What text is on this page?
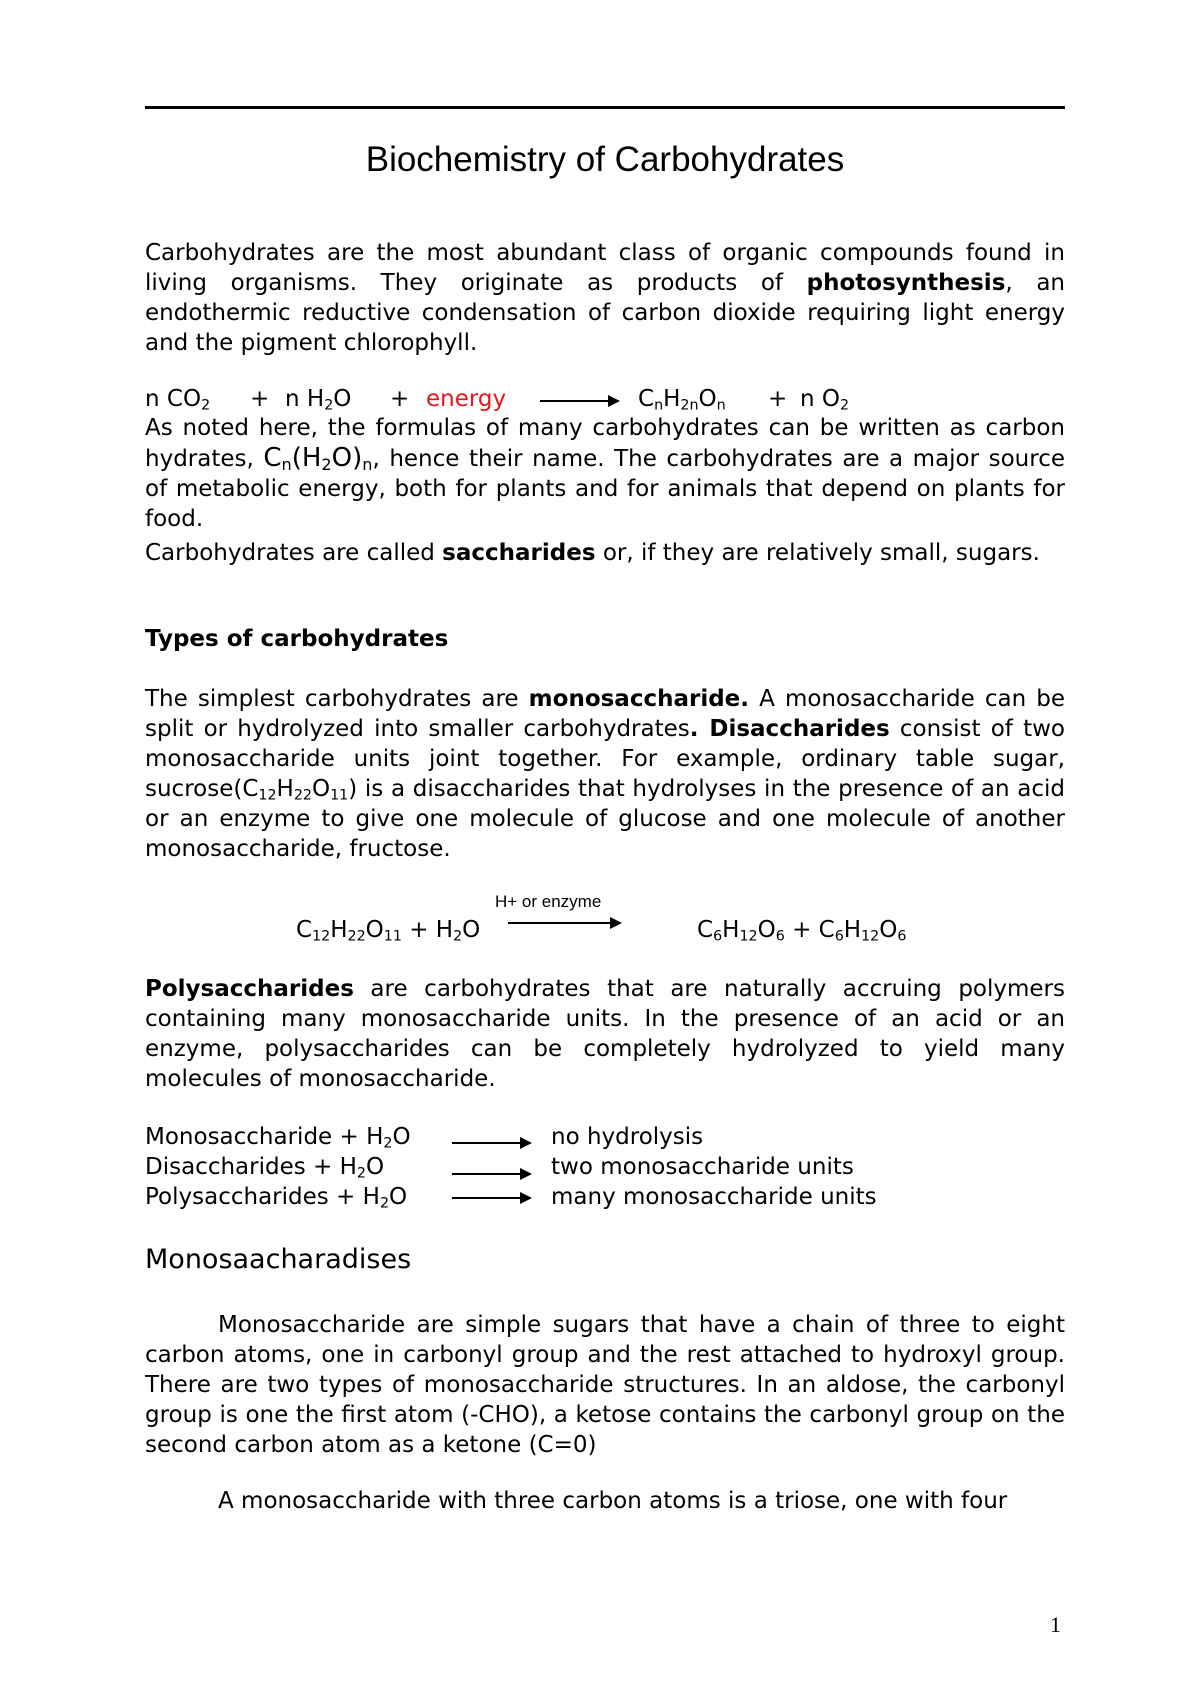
Biochemistry of Carbohydrates
Carbohydrates are the most abundant class of organic compounds found in living organisms. They originate as products of photosynthesis, an endothermic reductive condensation of carbon dioxide requiring light energy and the pigment chlorophyll.
n $CO_2 + n$ $H_2O$ + energy	$C_nH_{2n}O_n + n$ $O_2$
As noted here, the formulas of many carbohydrates can be written as carbon hydrates, $C_n(H_2O)_n$, hence their name. The carbohydrates are a major source of metabolic energy, both for plants and for animals that depend on plants for food.
Carbohydrates are called saccharides or, if they are relatively small, sugars.
Types of carbohydrates
The simplest carbohydrates are monosaccharide. A monosaccharide can be split or hydrolyzed into smaller carbohydrates. Disaccharides consist of two monosaccharide units joint together. For example, ordinary table sugar, $sucrose(C_{12}H_{22}O_{11})$ is a disaccharides that hydrolyses in the presence of an acid or an enzyme to give one molecule of glucose and one molecule of another monosaccharide, fructose.
H+ or enzyme
$C_{12}H_{22}O_{11} + H_2O$	$C_6H_{12}O_6 + C_6H_{12}O_6$
Polysaccharides are carbohydrates that are naturally accruing polymers containing many monosaccharide units. In the presence of an acid or an enzyme, polysaccharides can be completely hydrolyzed to yield many molecules of monosaccharide.
Monosaccharide + $H_2O$	no hydrolysis
Disaccharides + $H_2O$	two monosaccharide units
Polysaccharides + $H_2O$	many monosaccharide units
Monosaacharadises
Monosaccharide are simple sugars that have a chain of three to eight carbon atoms, one in carbonyl group and the rest attached to hydroxyl group. There are two types of monosaccharide structures. In an aldose, the carbonyl group is one the first atom (-CHO), a ketose contains the carbonyl group on the second carbon atom as a ketone (C=0)
A monosaccharide with three carbon atoms is a triose, one with four
1
